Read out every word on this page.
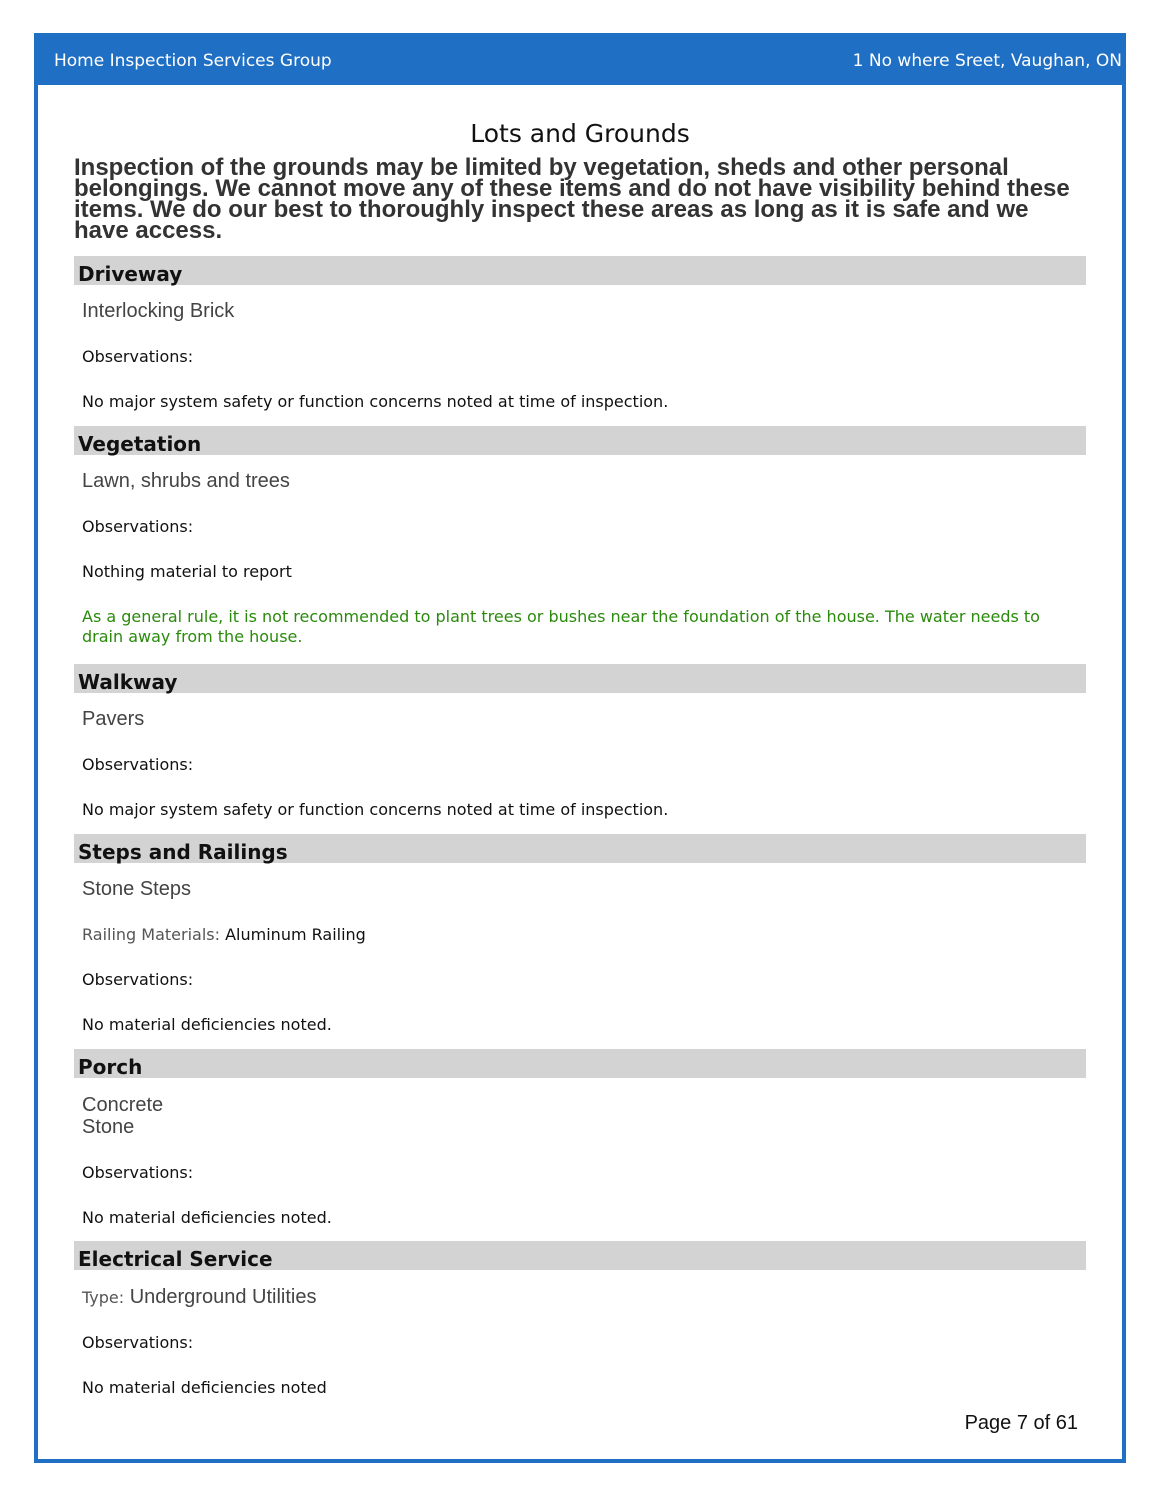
Home Inspection Services Group	1 No where Sreet, Vaughan, ON
Lots and Grounds
Inspection of the grounds may be limited by vegetation, sheds and other personal belongings. We cannot move any of these items and do not have visibility behind these items. We do our best to thoroughly inspect these areas as long as it is safe and we have access.
Driveway
Interlocking Brick
Observations:
No major system safety or function concerns noted at time of inspection.
Vegetation
Lawn, shrubs and trees
Observations:
Nothing material to report
As a general rule, it is not recommended to plant trees or bushes near the foundation of the house. The water needs to drain away from the house.
Walkway
Pavers
Observations:
No major system safety or function concerns noted at time of inspection.
Steps and Railings
Stone Steps
Railing Materials: Aluminum Railing
Observations:
No material deficiencies noted.
Porch
Concrete
Stone
Observations:
No material deficiencies noted.
Electrical Service
Type: Underground Utilities
Observations:
No material deficiencies noted
Page 7 of 61
